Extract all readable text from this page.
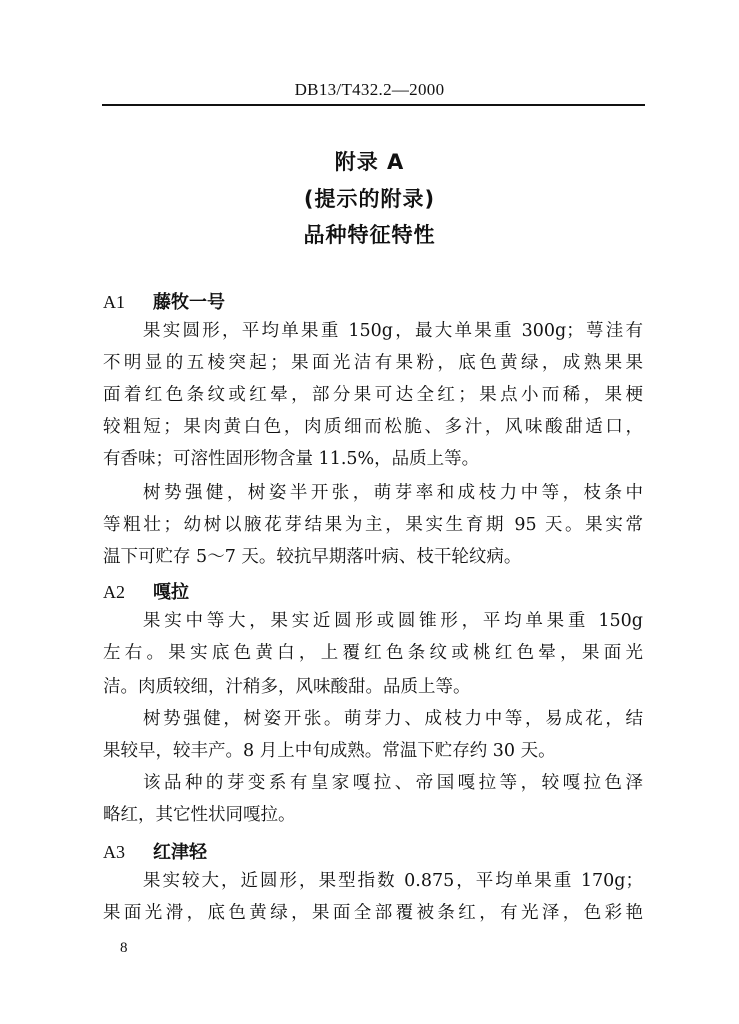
DB13/T432.2—2000
附录 A
(提示的附录)
品种特征特性
A1 藤牧一号
果实圆形，平均单果重 150g，最大单果重 300g；萼洼有
不明显的五棱突起；果面光洁有果粉，底色黄绿，成熟果果
面着红色条纹或红晕，部分果可达全红；果点小而稀，果梗
较粗短；果肉黄白色，肉质细而松脆、多汁，风味酸甜适口，
有香味；可溶性固形物含量 11.5%，品质上等。
树势强健，树姿半开张，萌芽率和成枝力中等，枝条中
等粗壮；幼树以腋花芽结果为主，果实生育期 95 天。果实常
温下可贮存 5～7 天。较抗早期落叶病、枝干轮纹病。
A2 嘎拉
果实中等大，果实近圆形或圆锥形，平均单果重 150g
左右。果实底色黄白，上覆红色条纹或桃红色晕，果面光
洁。肉质较细，汁稍多，风味酸甜。品质上等。
树势强健，树姿开张。萌芽力、成枝力中等，易成花，结
果较早，较丰产。8 月上中旬成熟。常温下贮存约 30 天。
该品种的芽变系有皇家嘎拉、帝国嘎拉等，较嘎拉色泽
略红，其它性状同嘎拉。
A3 红津轻
果实较大，近圆形，果型指数 0.875，平均单果重 170g；
果面光滑，底色黄绿，果面全部覆被条红，有光泽，色彩艳
8
